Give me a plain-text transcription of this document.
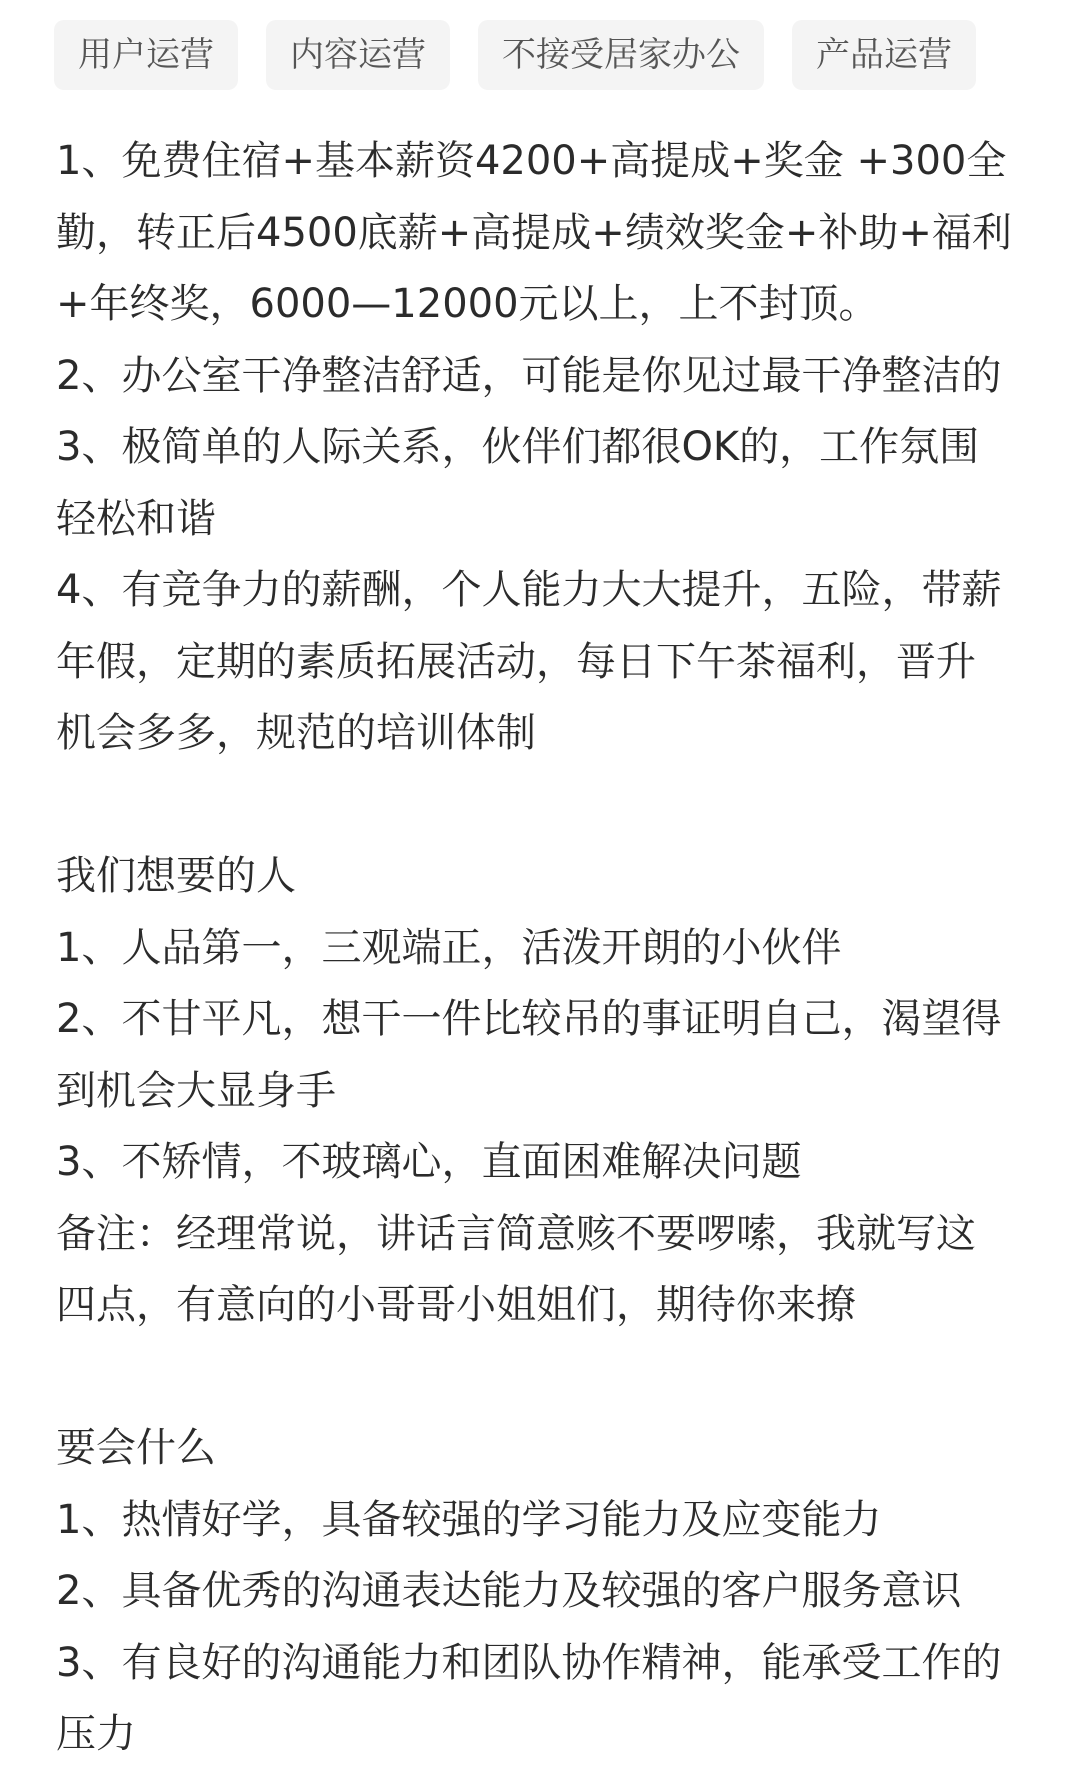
用户运营	内容运营	不接受居家办公	产品运营
1、免费住宿+基本薪资4200+高提成+奖金 +300全
勤，转正后4500底薪+高提成+绩效奖金+补助+福利
+年终奖，6000—12000元以上，上不封顶。
2、办公室干净整洁舒适，可能是你见过最干净整洁的
3、极简单的人际关系，伙伴们都很OK的，工作氛围
轻松和谐
4、有竞争力的薪酬，个人能力大大提升，五险，带薪
年假，定期的素质拓展活动，每日下午茶福利，晋升
机会多多，规范的培训体制
我们想要的人
1、人品第一，三观端正，活泼开朗的小伙伴
2、不甘平凡，想干一件比较吊的事证明自己，渴望得
到机会大显身手
3、不矫情，不玻璃心，直面困难解决问题
备注：经理常说，讲话言简意赅不要啰嗦，我就写这
四点，有意向的小哥哥小姐姐们，期待你来撩
要会什么
1、热情好学，具备较强的学习能力及应变能力
2、具备优秀的沟通表达能力及较强的客户服务意识
3、有良好的沟通能力和团队协作精神，能承受工作的
压力
